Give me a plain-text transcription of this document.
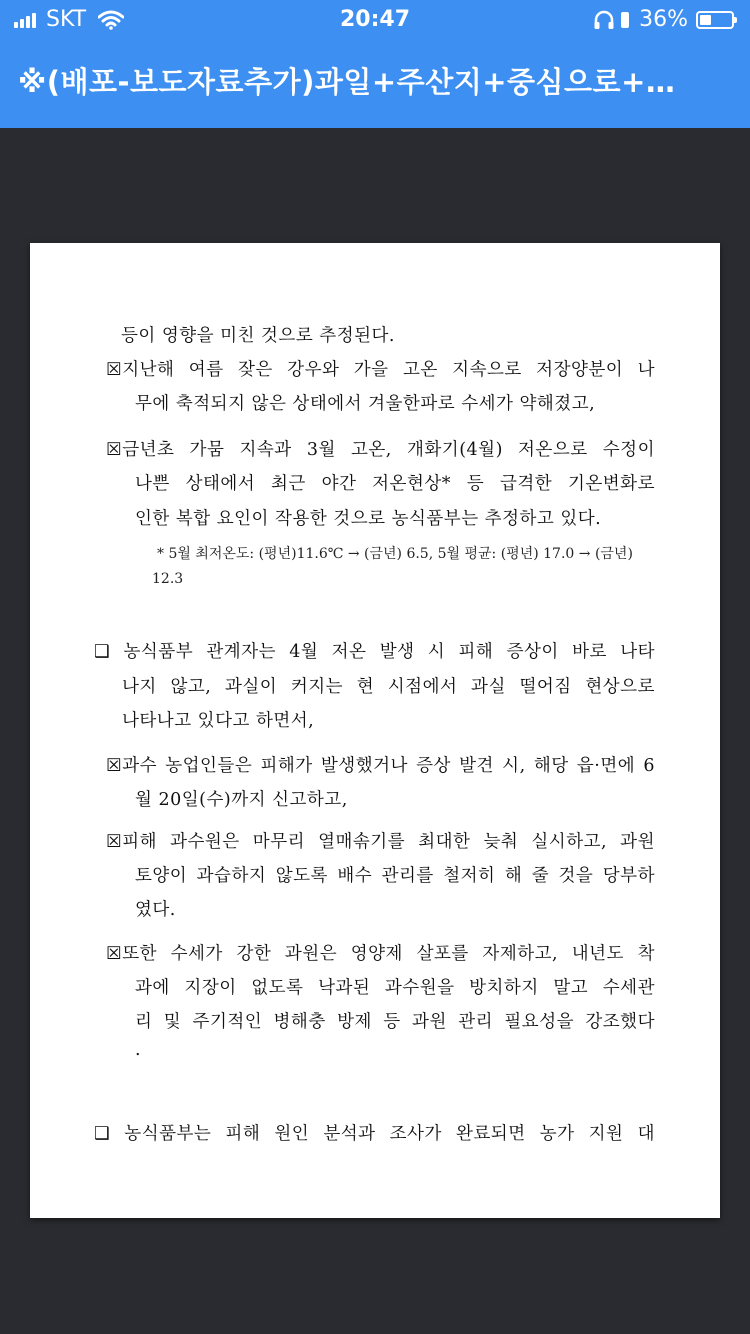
SKT	20:47	36%
※(배포-보도자료추가)과일+주산지+중심으로+…
등이 영향을 미친 것으로 추정된다.
☒지난해 여름 잦은 강우와 가을 고온 지속으로 저장양분이 나
무에 축적되지 않은 상태에서 겨울한파로 수세가 약해졌고,
☒금년초 가뭄 지속과 3월 고온, 개화기(4월) 저온으로 수정이
나쁜 상태에서 최근 야간 저온현상* 등 급격한 기온변화로
인한 복합 요인이 작용한 것으로 농식품부는 추정하고 있다.
* 5월 최저온도: (평년)11.6℃ → (금년) 6.5, 5월 평균: (평년) 17.0 → (금년)
12.3
❑ 농식품부 관계자는 4월 저온 발생 시 피해 증상이 바로 나타
나지 않고, 과실이 커지는 현 시점에서 과실 떨어짐 현상으로
나타나고 있다고 하면서,
☒과수 농업인들은 피해가 발생했거나 증상 발견 시, 해당 읍·면에 6
월 20일(수)까지 신고하고,
☒피해 과수원은 마무리 열매솎기를 최대한 늦춰 실시하고, 과원
토양이 과습하지 않도록 배수 관리를 철저히 해 줄 것을 당부하
였다.
☒또한 수세가 강한 과원은 영양제 살포를 자제하고, 내년도 착
과에 지장이 없도록 낙과된 과수원을 방치하지 말고 수세관
리 및 주기적인 병해충 방제 등 과원 관리 필요성을 강조했다
.
❑ 농식품부는 피해 원인 분석과 조사가 완료되면 농가 지원 대
